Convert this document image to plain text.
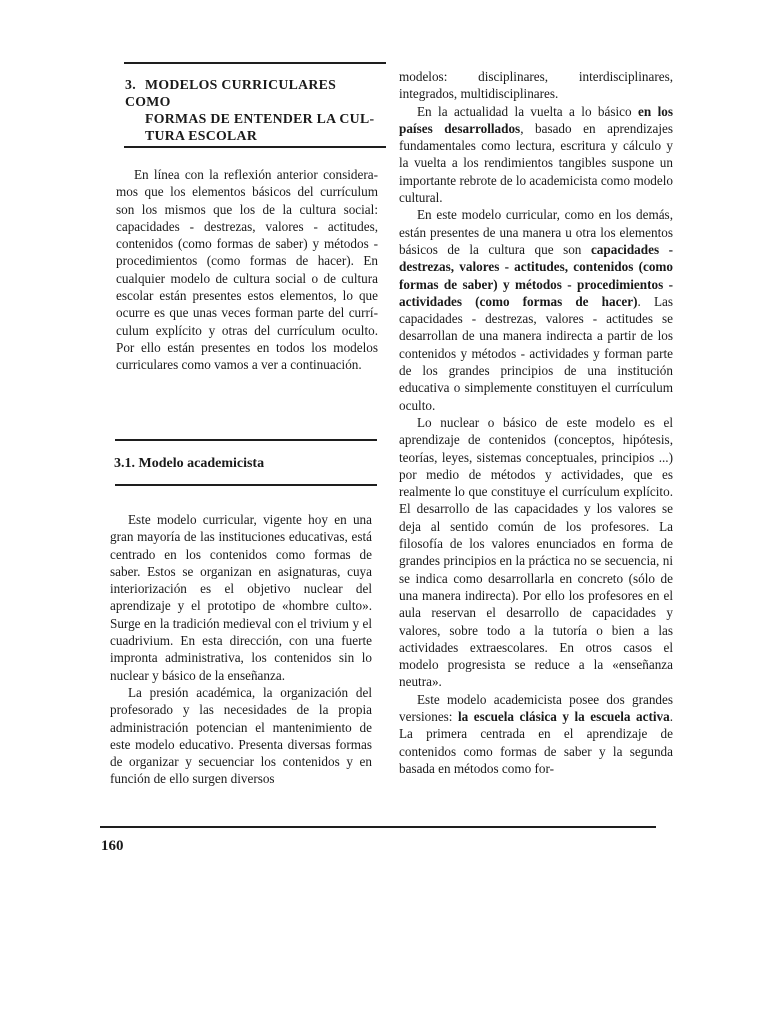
3. MODELOS CURRICULARES COMO
FORMAS DE ENTENDER LA CUL-
TURA ESCOLAR

En línea con la reflexión anterior consideramos que los elementos básicos del currículum son los mismos que los de la cultura social: capacidades - destrezas, valores - actitudes, contenidos (como formas de saber) y métodos - procedimientos (como formas de hacer). En cualquier modelo de cultura social o de cultura escolar están presentes estos elementos, lo que ocurre es que unas veces forman parte del currículum explícito y otras del currículum oculto. Por ello están presentes en todos los modelos curriculares como vamos a ver a continuación.

3.1. Modelo academicista

Este modelo curricular, vigente hoy en una gran mayoría de las instituciones educativas, está centrado en los contenidos como formas de saber. Estos se organizan en asignaturas, cuya interiorización es el objetivo nuclear del aprendizaje y el prototipo de «hombre culto». Surge en la tradición medieval con el trivium y el cuadrivium. En esta dirección, con una fuerte impronta administrativa, los contenidos sin lo nuclear y básico de la enseñanza.

La presión académica, la organización del profesorado y las necesidades de la propia administración potencian el mantenimiento de este modelo educativo. Presenta diversas formas de organizar y secuenciar los contenidos y en función de ello surgen diversos

modelos: disciplinares, interdisciplinares, integrados, multidisciplinares.

En la actualidad la vuelta a lo básico en los países desarrollados, basado en aprendizajes fundamentales como lectura, escritura y cálculo y la vuelta a los rendimientos tangibles suspone un importante rebrote de lo academicista como modelo cultural.

En este modelo curricular, como en los demás, están presentes de una manera u otra los elementos básicos de la cultura que son capacidades - destrezas, valores - actitudes, contenidos (como formas de saber) y métodos - procedimientos - actividades (como formas de hacer). Las capacidades - destrezas, valores - actitudes se desarrollan de una manera indirecta a partir de los contenidos y métodos - actividades y forman parte de los grandes principios de una institución educativa o simplemente constituyen el currículum oculto.

Lo nuclear o básico de este modelo es el aprendizaje de contenidos (conceptos, hipótesis, teorías, leyes, sistemas conceptuales, principios ...) por medio de métodos y actividades, que es realmente lo que constituye el currículum explícito. El desarrollo de las capacidades y los valores se deja al sentido común de los profesores. La filosofía de los valores enunciados en forma de grandes principios en la práctica no se secuencia, ni se indica como desarrollarla en concreto (sólo de una manera indirecta). Por ello los profesores en el aula reservan el desarrollo de capacidades y valores, sobre todo a la tutoría o bien a las actividades extraescolares. En otros casos el modelo progresista se reduce a la «enseñanza neutra».

Este modelo academicista posee dos grandes versiones: la escuela clásica y la escuela activa. La primera centrada en el aprendizaje de contenidos como formas de saber y la segunda basada en métodos como for-

160
